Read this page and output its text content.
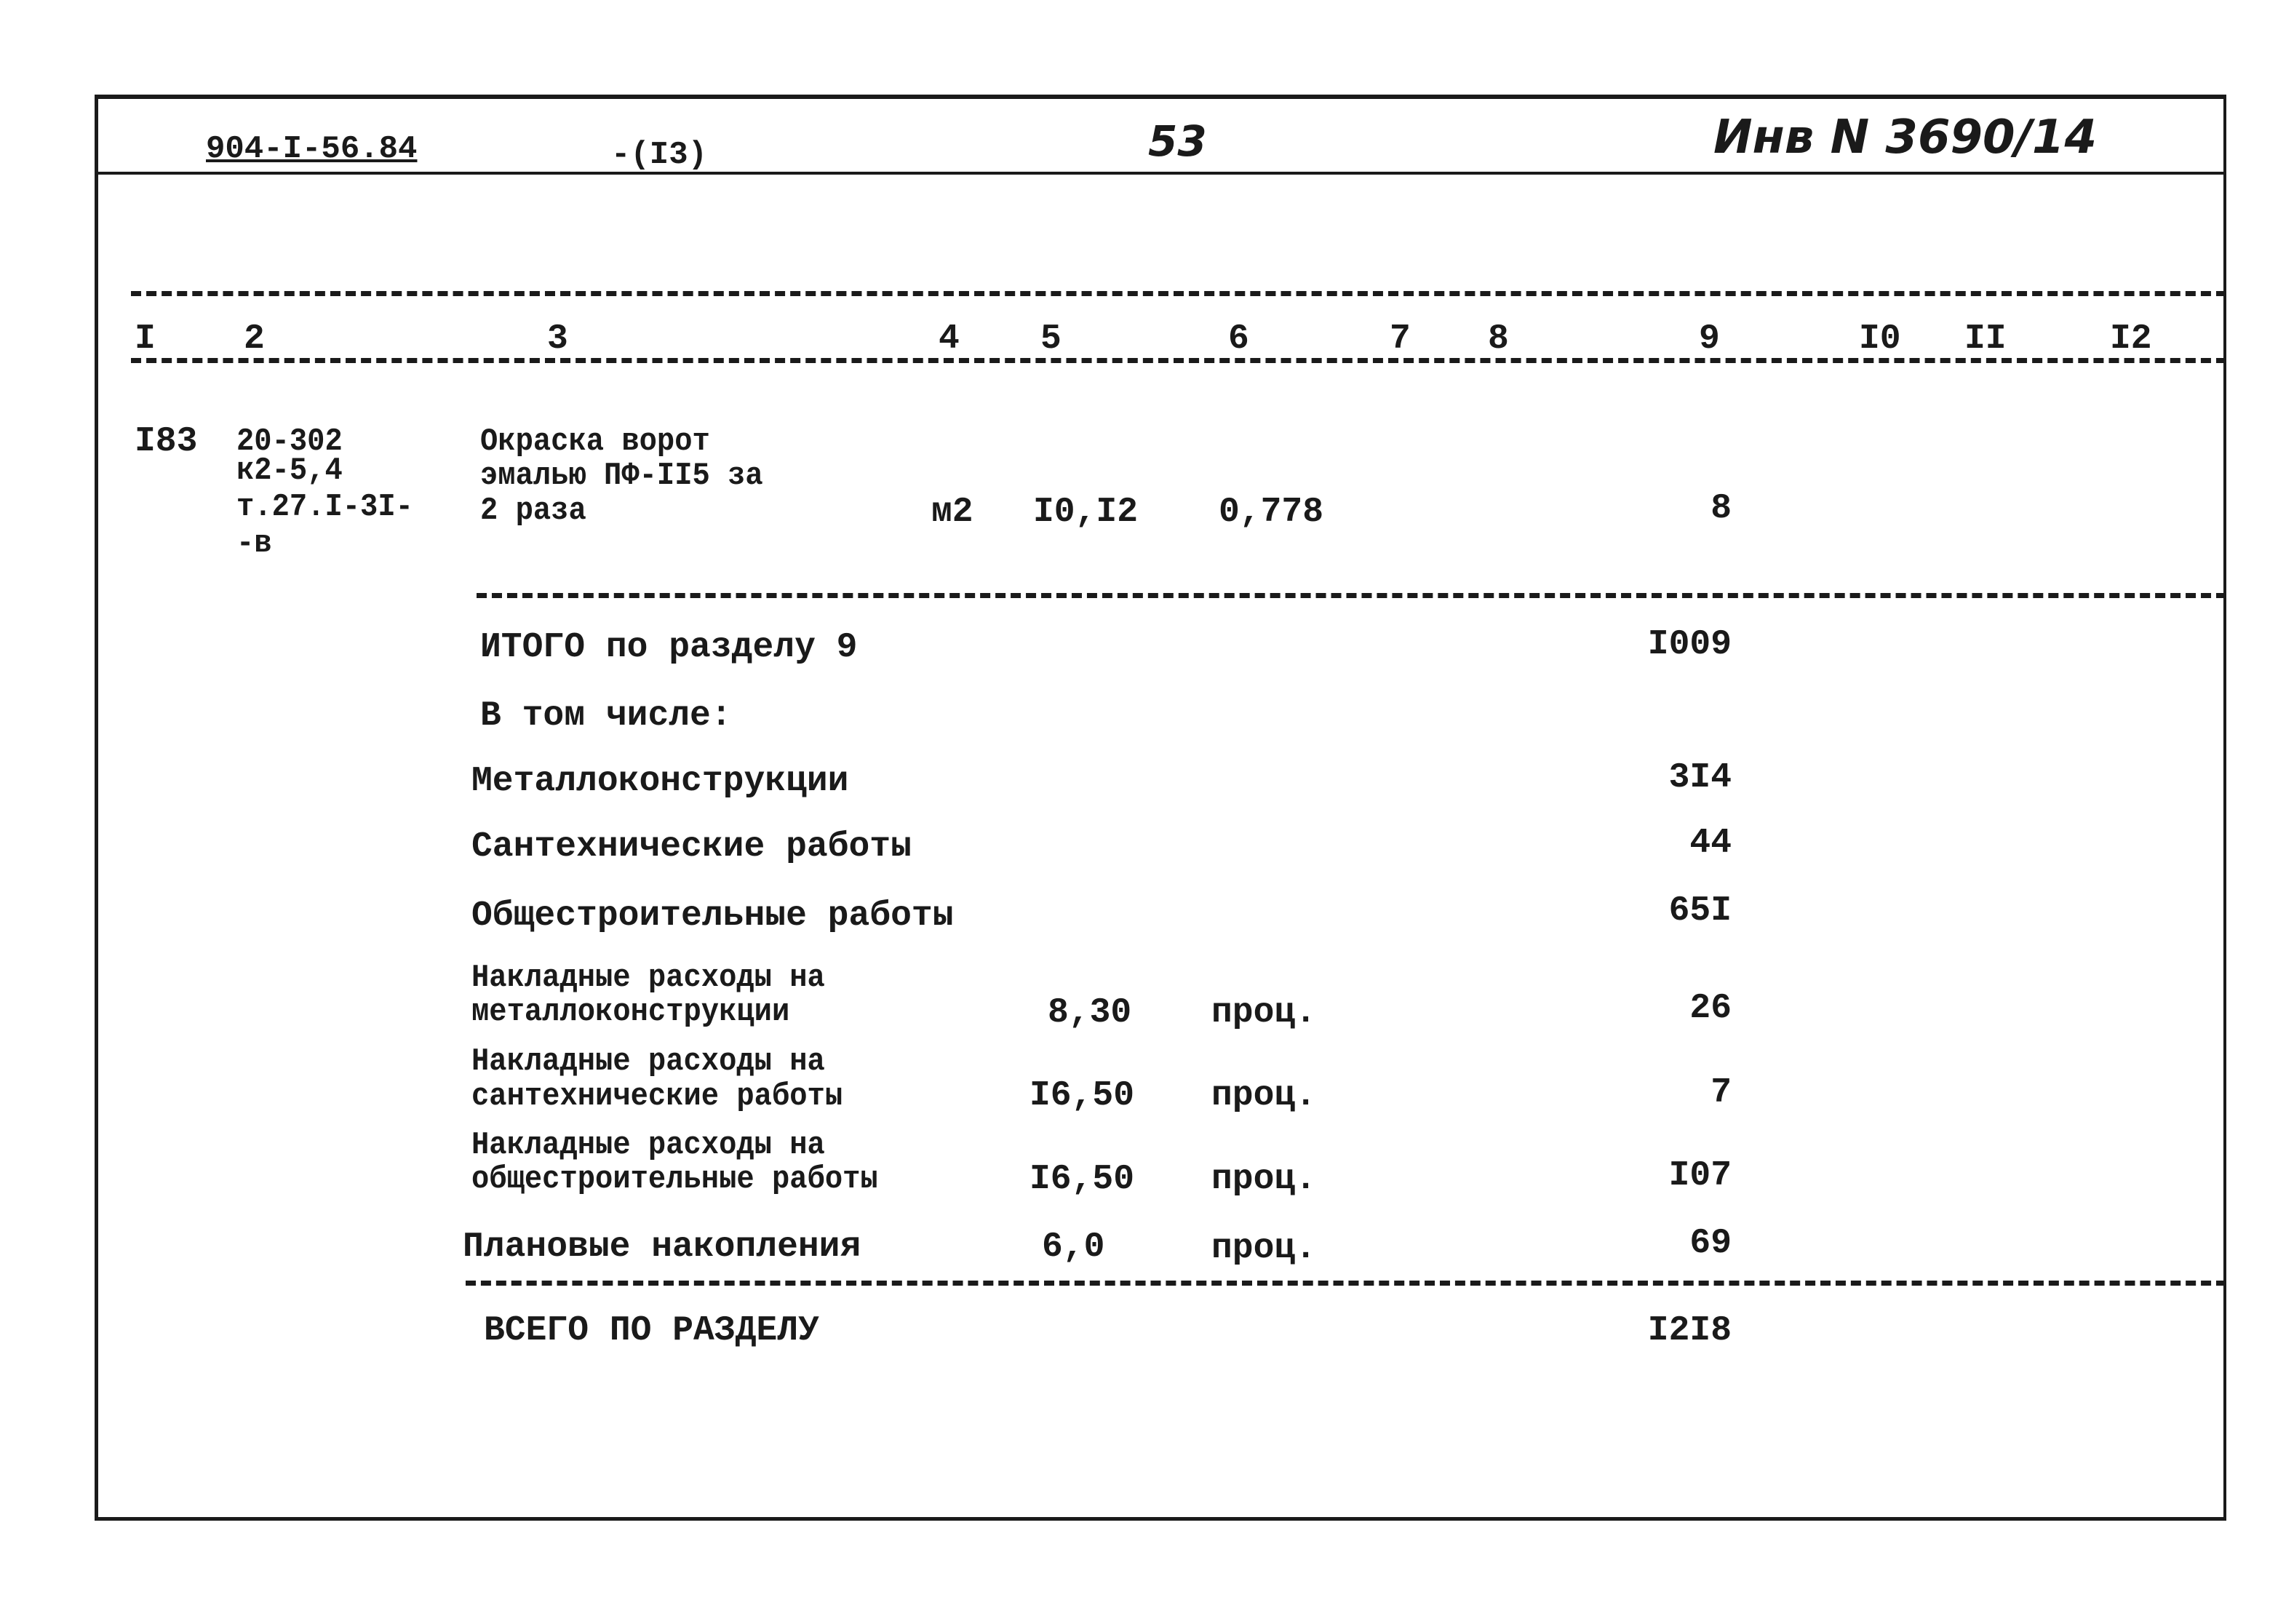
904-I-56.84	-(I3)	53	Инв N 3690/14
I	2	3	4 5	6	7 8	9	I0 II	I2
I83 20-302
к2-5,4
т.27.I-3I-
-в
Окраска ворот
эмалью ПФ-II5 за
2 раза	м2 I0,I2 0,778	8
ИТОГО по разделу 9	I009
В том числе:
Металлоконструкции	3I4
Сантехнические работы	44
Общестроительные работы	65I
Накладные расходы на
металлоконструкции	8,30 проц.	26
Накладные расходы на
сантехнические работы	I6,50 проц.	7
Накладные расходы на
общестроительные работы	I6,50 проц.	I07
Плановые накопления	6,0	проц.	69
ВСЕГО ПО РАЗДЕЛУ	I2I8
